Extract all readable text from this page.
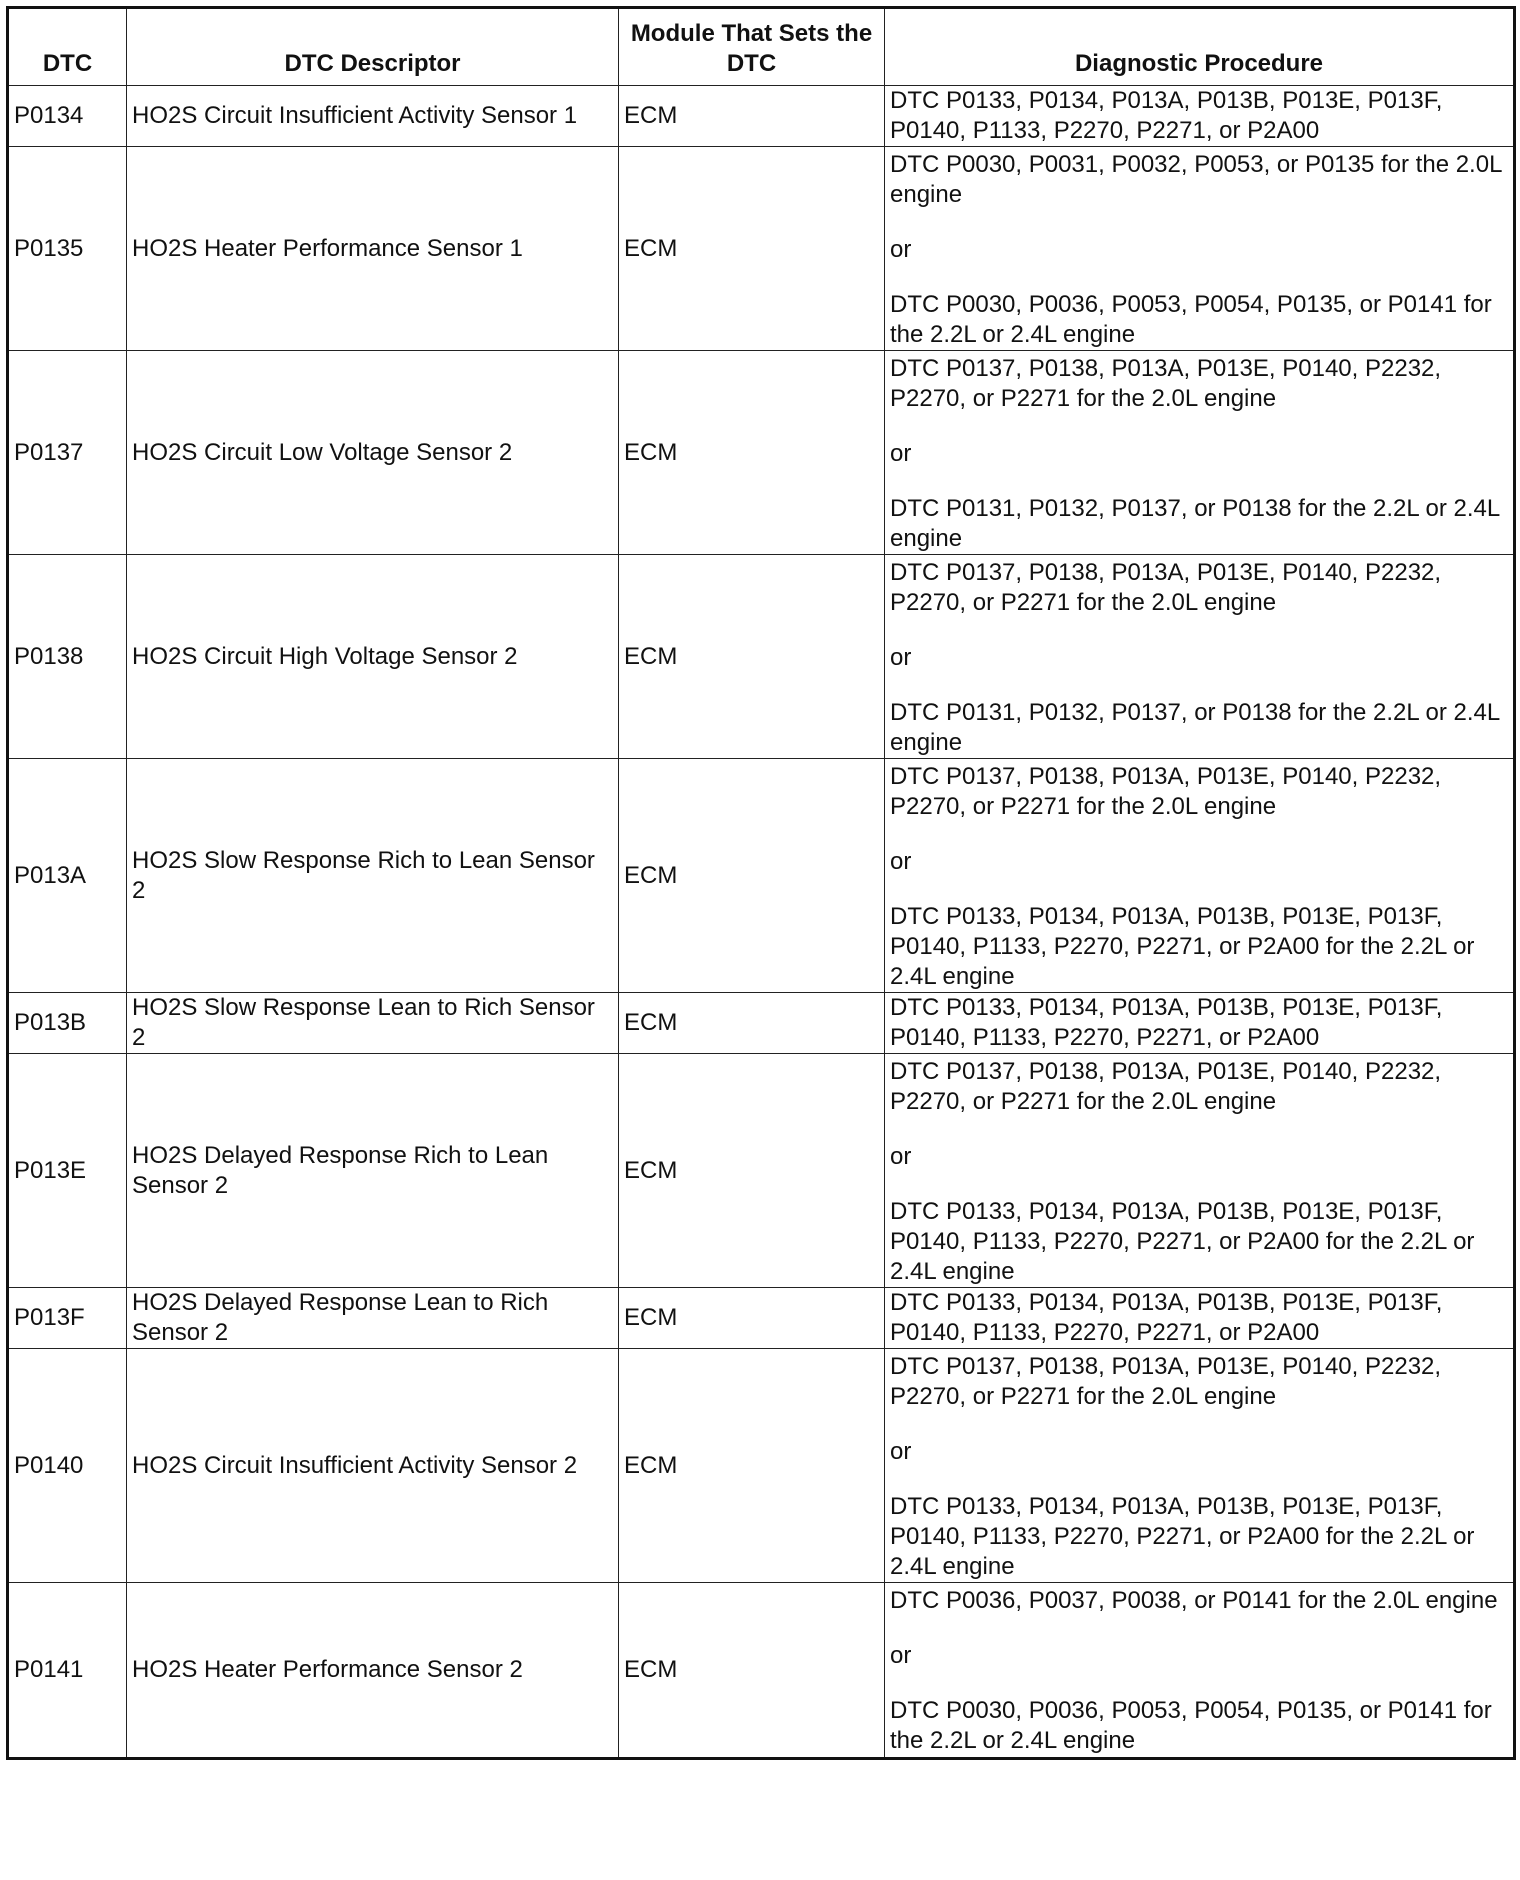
DTC	DTC Descriptor	Module That Sets the DTC	Diagnostic Procedure
P0134	HO2S Circuit Insufficient Activity Sensor 1	ECM	DTC P0133, P0134, P013A, P013B, P013E, P013F, P0140, P1133, P2270, P2271, or P2A00

P0135	HO2S Heater Performance Sensor 1	ECM	DTC P0030, P0031, P0032, P0053, or P0135 for the 2.0L engine
or
DTC P0030, P0036, P0053, P0054, P0135, or P0141 for the 2.2L or 2.4L engine

P0137	HO2S Circuit Low Voltage Sensor 2	ECM	DTC P0137, P0138, P013A, P013E, P0140, P2232, P2270, or P2271 for the 2.0L engine
or
DTC P0131, P0132, P0137, or P0138 for the 2.2L or 2.4L engine

P0138	HO2S Circuit High Voltage Sensor 2	ECM	DTC P0137, P0138, P013A, P013E, P0140, P2232, P2270, or P2271 for the 2.0L engine
or
DTC P0131, P0132, P0137, or P0138 for the 2.2L or 2.4L engine

P013A	HO2S Slow Response Rich to Lean Sensor 2	ECM	DTC P0137, P0138, P013A, P013E, P0140, P2232, P2270, or P2271 for the 2.0L engine
or
DTC P0133, P0134, P013A, P013B, P013E, P013F, P0140, P1133, P2270, P2271, or P2A00 for the 2.2L or 2.4L engine

P013B	HO2S Slow Response Lean to Rich Sensor 2	ECM	DTC P0133, P0134, P013A, P013B, P013E, P013F, P0140, P1133, P2270, P2271, or P2A00

P013E	HO2S Delayed Response Rich to Lean Sensor 2	ECM	DTC P0137, P0138, P013A, P013E, P0140, P2232, P2270, or P2271 for the 2.0L engine
or
DTC P0133, P0134, P013A, P013B, P013E, P013F, P0140, P1133, P2270, P2271, or P2A00 for the 2.2L or 2.4L engine

P013F	HO2S Delayed Response Lean to Rich Sensor 2	ECM	DTC P0133, P0134, P013A, P013B, P013E, P013F, P0140, P1133, P2270, P2271, or P2A00

P0140	HO2S Circuit Insufficient Activity Sensor 2	ECM	DTC P0137, P0138, P013A, P013E, P0140, P2232, P2270, or P2271 for the 2.0L engine
or
DTC P0133, P0134, P013A, P013B, P013E, P013F, P0140, P1133, P2270, P2271, or P2A00 for the 2.2L or 2.4L engine

P0141	HO2S Heater Performance Sensor 2	ECM	DTC P0036, P0037, P0038, or P0141 for the 2.0L engine
or
DTC P0030, P0036, P0053, P0054, P0135, or P0141 for the 2.2L or 2.4L engine
